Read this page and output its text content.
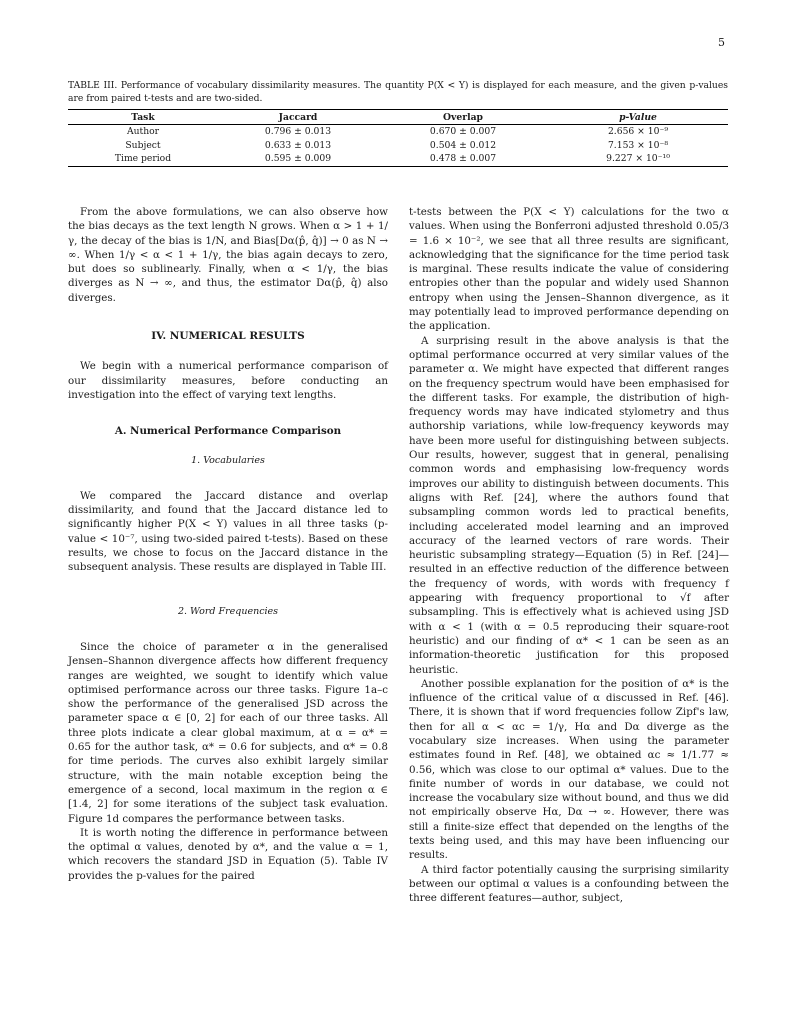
5
TABLE III. Performance of vocabulary dissimilarity measures. The quantity P(X < Y) is displayed for each measure, and the given p-values are from paired t-tests and are two-sided.
Task	Jaccard	Overlap	p-Value
Author	0.796 ± 0.013	0.670 ± 0.007	2.656 × 10⁻⁹
Subject	0.633 ± 0.013	0.504 ± 0.012	7.153 × 10⁻⁸
Time period	0.595 ± 0.009	0.478 ± 0.007	9.227 × 10⁻¹⁰

From the above formulations, we can also observe how the bias decays as the text length N grows. When α > 1 + 1/γ, the decay of the bias is 1/N, and Bias[Dα(p̂, q̂)] → 0 as N → ∞. When 1/γ < α < 1 + 1/γ, the bias again decays to zero, but does so sublinearly. Finally, when α < 1/γ, the bias diverges as N → ∞, and thus, the estimator Dα(p̂, q̂) also diverges.

IV. NUMERICAL RESULTS

We begin with a numerical performance comparison of our dissimilarity measures, before conducting an investigation into the effect of varying text lengths.

A. Numerical Performance Comparison
1. Vocabularies

We compared the Jaccard distance and overlap dissimilarity, and found that the Jaccard distance led to significantly higher P(X < Y) values in all three tasks (p-value < 10⁻⁷, using two-sided paired t-tests). Based on these results, we chose to focus on the Jaccard distance in the subsequent analysis. These results are displayed in Table III.

2. Word Frequencies

Since the choice of parameter α in the generalised Jensen–Shannon divergence affects how different frequency ranges are weighted, we sought to identify which value optimised performance across our three tasks. Figure 1a–c show the performance of the generalised JSD across the parameter space α ∈ [0, 2] for each of our three tasks. All three plots indicate a clear global maximum, at α = α* = 0.65 for the author task, α* = 0.6 for subjects, and α* = 0.8 for time periods. The curves also exhibit largely similar structure, with the main notable exception being the emergence of a second, local maximum in the region α ∈ [1.4, 2] for some iterations of the subject task evaluation. Figure 1d compares the performance between tasks.

It is worth noting the difference in performance between the optimal α values, denoted by α*, and the value α = 1, which recovers the standard JSD in Equation (5). Table IV provides the p-values for the paired

t-tests between the P(X < Y) calculations for the two α values. When using the Bonferroni adjusted threshold 0.05/3 = 1.6 × 10⁻², we see that all three results are significant, acknowledging that the significance for the time period task is marginal. These results indicate the value of considering entropies other than the popular and widely used Shannon entropy when using the Jensen–Shannon divergence, as it may potentially lead to improved performance depending on the application.

A surprising result in the above analysis is that the optimal performance occurred at very similar values of the parameter α. We might have expected that different ranges on the frequency spectrum would have been emphasised for the different tasks. For example, the distribution of high-frequency words may have indicated stylometry and thus authorship variations, while low-frequency keywords may have been more useful for distinguishing between subjects. Our results, however, suggest that in general, penalising common words and emphasising low-frequency words improves our ability to distinguish between documents. This aligns with Ref. [24], where the authors found that subsampling common words led to practical benefits, including accelerated model learning and an improved accuracy of the learned vectors of rare words. Their heuristic subsampling strategy—Equation (5) in Ref. [24]—resulted in an effective reduction of the difference between the frequency of words, with words with frequency f appearing with frequency proportional to √f after subsampling. This is effectively what is achieved using JSD with α < 1 (with α = 0.5 reproducing their square-root heuristic) and our finding of α* < 1 can be seen as an information-theoretic justification for this proposed heuristic.

Another possible explanation for the position of α* is the influence of the critical value of α discussed in Ref. [46]. There, it is shown that if word frequencies follow Zipf's law, then for all α < αc = 1/γ, Hα and Dα diverge as the vocabulary size increases. When using the parameter estimates found in Ref. [48], we obtained αc ≈ 1/1.77 ≈ 0.56, which was close to our optimal α* values. Due to the finite number of words in our database, we could not increase the vocabulary size without bound, and thus we did not empirically observe Hα, Dα → ∞. However, there was still a finite-size effect that depended on the lengths of the texts being used, and this may have been influencing our results.

A third factor potentially causing the surprising similarity between our optimal α values is a confounding between the three different features—author, subject,
